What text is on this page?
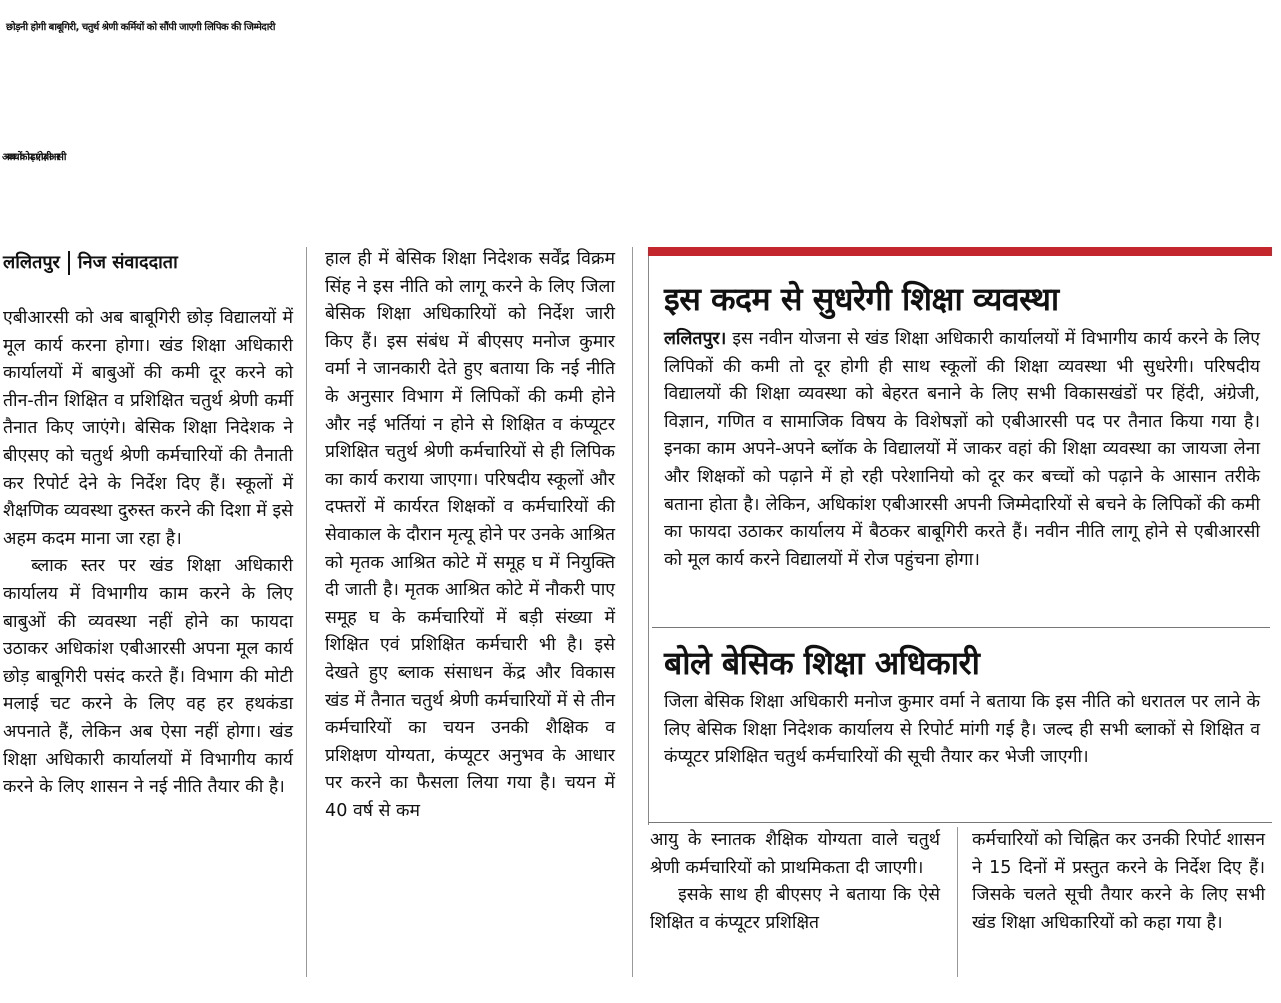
छोड़नी होगी बाबूगिरी, चतुर्थ श्रेणी कर्मियों को सौंपी जाएगी लिपिक की जिम्मेदारी
अब बच्चों को पढ़ाएंगे एबीआरसी
ललितपुर निज संवाददाता

एबीआरसी को अब बाबूगिरी छोड़ विद्यालयों में मूल कार्य करना होगा। खंड शिक्षा अधिकारी कार्यालयों में बाबुओं की कमी दूर करने को तीन-तीन शिक्षित व प्रशिक्षित चतुर्थ श्रेणी कर्मी तैनात किए जाएंगे। बेसिक शिक्षा निदेशक ने बीएसए को चतुर्थ श्रेणी कर्मचारियों की तैनाती कर रिपोर्ट देने के निर्देश दिए हैं। स्कूलों में शैक्षणिक व्यवस्था दुरुस्त करने की दिशा में इसे अहम कदम माना जा रहा है।

ब्लाक स्तर पर खंड शिक्षा अधिकारी कार्यालय में विभागीय काम करने के लिए बाबुओं की व्यवस्था नहीं होने का फायदा उठाकर अधिकांश एबीआरसी अपना मूल कार्य छोड़ बाबूगिरी पसंद करते हैं। विभाग की मोटी मलाई चट करने के लिए वह हर हथकंडा अपनाते हैं, लेकिन अब ऐसा नहीं होगा। खंड शिक्षा अधिकारी कार्यालयों में विभागीय कार्य करने के लिए शासन ने नई नीति तैयार की है।

हाल ही में बेसिक शिक्षा निदेशक सर्वेंद्र विक्रम सिंह ने इस नीति को लागू करने के लिए जिला बेसिक शिक्षा अधिकारियों को निर्देश जारी किए हैं। इस संबंध में बीएसए मनोज कुमार वर्मा ने जानकारी देते हुए बताया कि नई नीति के अनुसार विभाग में लिपिकों की कमी होने और नई भर्तियां न होने से शिक्षित व कंप्यूटर प्रशिक्षित चतुर्थ श्रेणी कर्मचारियों से ही लिपिक का कार्य कराया जाएगा। परिषदीय स्कूलों और दफ्तरों में कार्यरत शिक्षकों व कर्मचारियों की सेवाकाल के दौरान मृत्यू होने पर उनके आश्रित को मृतक आश्रित कोटे में समूह घ में नियुक्ति दी जाती है। मृतक आश्रित कोटे में नौकरी पाए समूह घ के कर्मचारियों में बड़ी संख्या में शिक्षित एवं प्रशिक्षित कर्मचारी भी है। इसे देखते हुए ब्लाक संसाधन केंद्र और विकास खंड में तैनात चतुर्थ श्रेणी कर्मचारियों में से तीन कर्मचारियों का चयन उनकी शैक्षिक व प्रशिक्षण योग्यता, कंप्यूटर अनुभव के आधार पर करने का फैसला लिया गया है। चयन में 40 वर्ष से कम

इस कदम से सुधरेगी शिक्षा व्यवस्था

ललितपुर। इस नवीन योजना से खंड शिक्षा अधिकारी कार्यालयों में विभागीय कार्य करने के लिए लिपिकों की कमी तो दूर होगी ही साथ स्कूलों की शिक्षा व्यवस्था भी सुधरेगी। परिषदीय विद्यालयों की शिक्षा व्यवस्था को बेहरत बनाने के लिए सभी विकासखंडों पर हिंदी, अंग्रेजी, विज्ञान, गणित व सामाजिक विषय के विशेषज्ञों को एबीआरसी पद पर तैनात किया गया है। इनका काम अपने-अपने ब्लॉक के विद्यालयों में जाकर वहां की शिक्षा व्यवस्था का जायजा लेना और शिक्षकों को पढ़ाने में हो रही परेशानियो को दूर कर बच्चों को पढ़ाने के आसान तरीके बताना होता है। लेकिन, अधिकांश एबीआरसी अपनी जिम्मेदारियों से बचने के लिपिकों की कमी का फायदा उठाकर कार्यालय में बैठकर बाबूगिरी करते हैं। नवीन नीति लागू होने से एबीआरसी को मूल कार्य करने विद्यालयों में रोज पहुंचना होगा।

बोले बेसिक शिक्षा अधिकारी

जिला बेसिक शिक्षा अधिकारी मनोज कुमार वर्मा ने बताया कि इस नीति को धरातल पर लाने के लिए बेसिक शिक्षा निदेशक कार्यालय से रिपोर्ट मांगी गई है। जल्द ही सभी ब्लाकों से शिक्षित व कंप्यूटर प्रशिक्षित चतुर्थ कर्मचारियों की सूची तैयार कर भेजी जाएगी।

आयु के स्नातक शैक्षिक योग्यता वाले चतुर्थ श्रेणी कर्मचारियों को प्राथमिकता दी जाएगी।

इसके साथ ही बीएसए ने बताया कि ऐसे शिक्षित व कंप्यूटर प्रशिक्षित

कर्मचारियों को चिह्नित कर उनकी रिपोर्ट शासन ने 15 दिनों में प्रस्तुत करने के निर्देश दिए हैं। जिसके चलते सूची तैयार करने के लिए सभी खंड शिक्षा अधिकारियों को कहा गया है।
